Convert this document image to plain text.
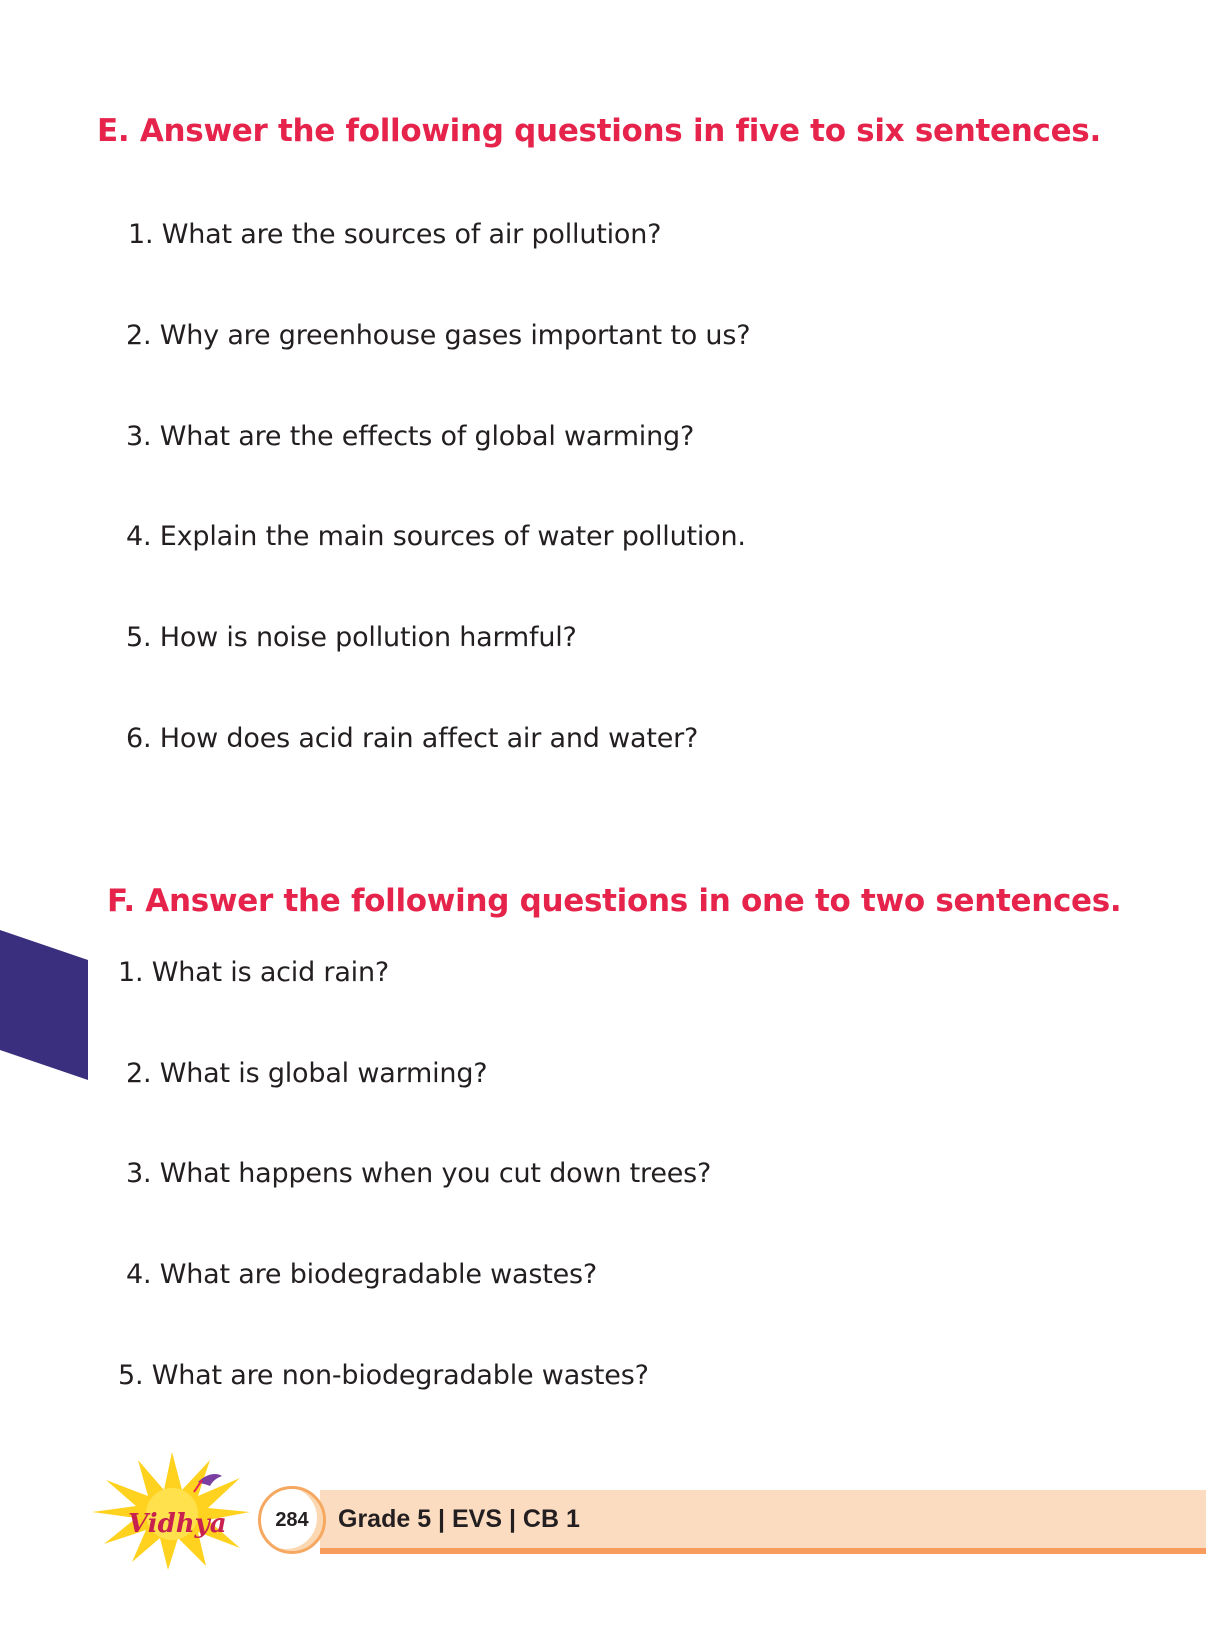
E. Answer the following questions in five to six sentences.

1. What are the sources of air pollution?

2. Why are greenhouse gases important to us?

3. What are the effects of global warming?

4. Explain the main sources of water pollution.

5. How is noise pollution harmful?

6. How does acid rain affect air and water?

F. Answer the following questions in one to two sentences.

1. What is acid rain?

2. What is global warming?

3. What happens when you cut down trees?

4. What are biodegradable wastes?

5. What are non-biodegradable wastes?

Grade 5 | EVS | CB 1
284
Vidhya
